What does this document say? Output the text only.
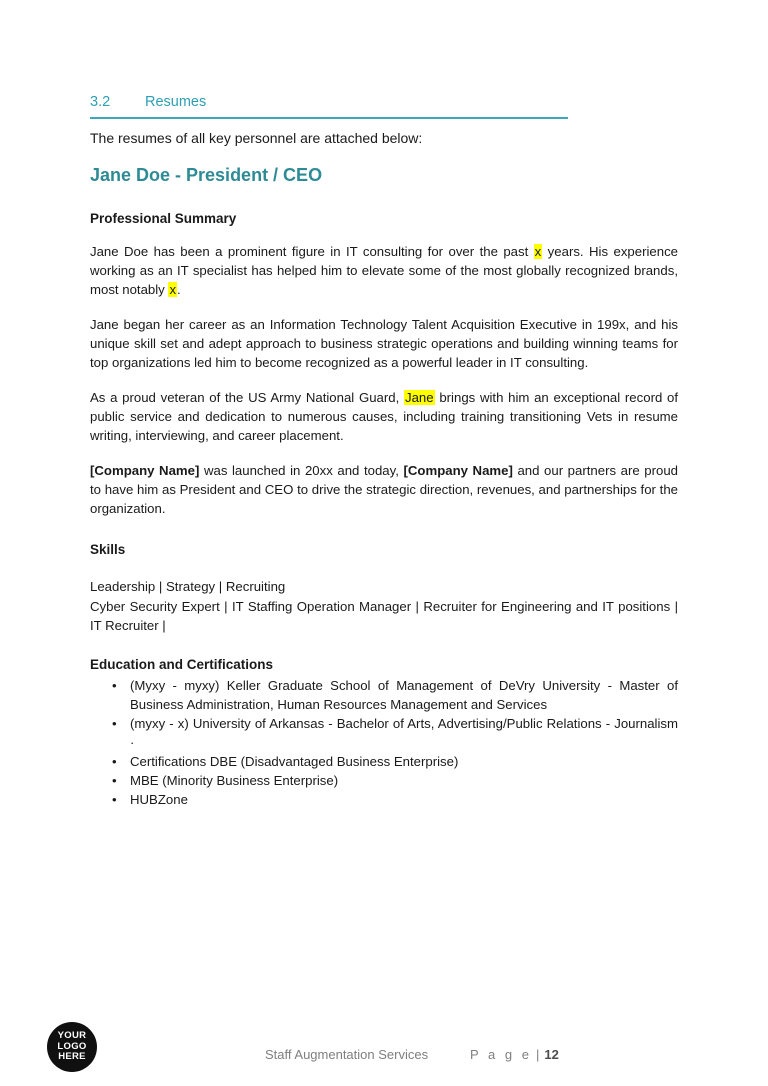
3.2 Resumes

The resumes of all key personnel are attached below:

Jane Doe - President / CEO
Professional Summary

Jane Doe has been a prominent figure in IT consulting for over the past x years. His experience working as an IT specialist has helped him to elevate some of the most globally recognized brands, most notably x.

Jane began her career as an Information Technology Talent Acquisition Executive in 199x, and his unique skill set and adept approach to business strategic operations and building winning teams for top organizations led him to become recognized as a powerful leader in IT consulting.

As a proud veteran of the US Army National Guard, Jane brings with him an exceptional record of public service and dedication to numerous causes, including training transitioning Vets in resume writing, interviewing, and career placement.

[Company Name] was launched in 20xx and today, [Company Name] and our partners are proud to have him as President and CEO to drive the strategic direction, revenues, and partnerships for the organization.

Skills

Leadership | Strategy | Recruiting

Cyber Security Expert | IT Staffing Operation Manager | Recruiter for Engineering and IT positions | IT Recruiter |

Education and Certifications
• (Myxy - myxy) Keller Graduate School of Management of DeVry University - Master of Business Administration, Human Resources Management and Services
• (myxy - x) University of Arkansas - Bachelor of Arts, Advertising/Public Relations - Journalism ·
• Certifications DBE (Disadvantaged Business Enterprise)
• MBE (Minority Business Enterprise)
• HUBZone
YOUR
LOGO
HERE	Staff Augmentation Services	P a g e | 12
